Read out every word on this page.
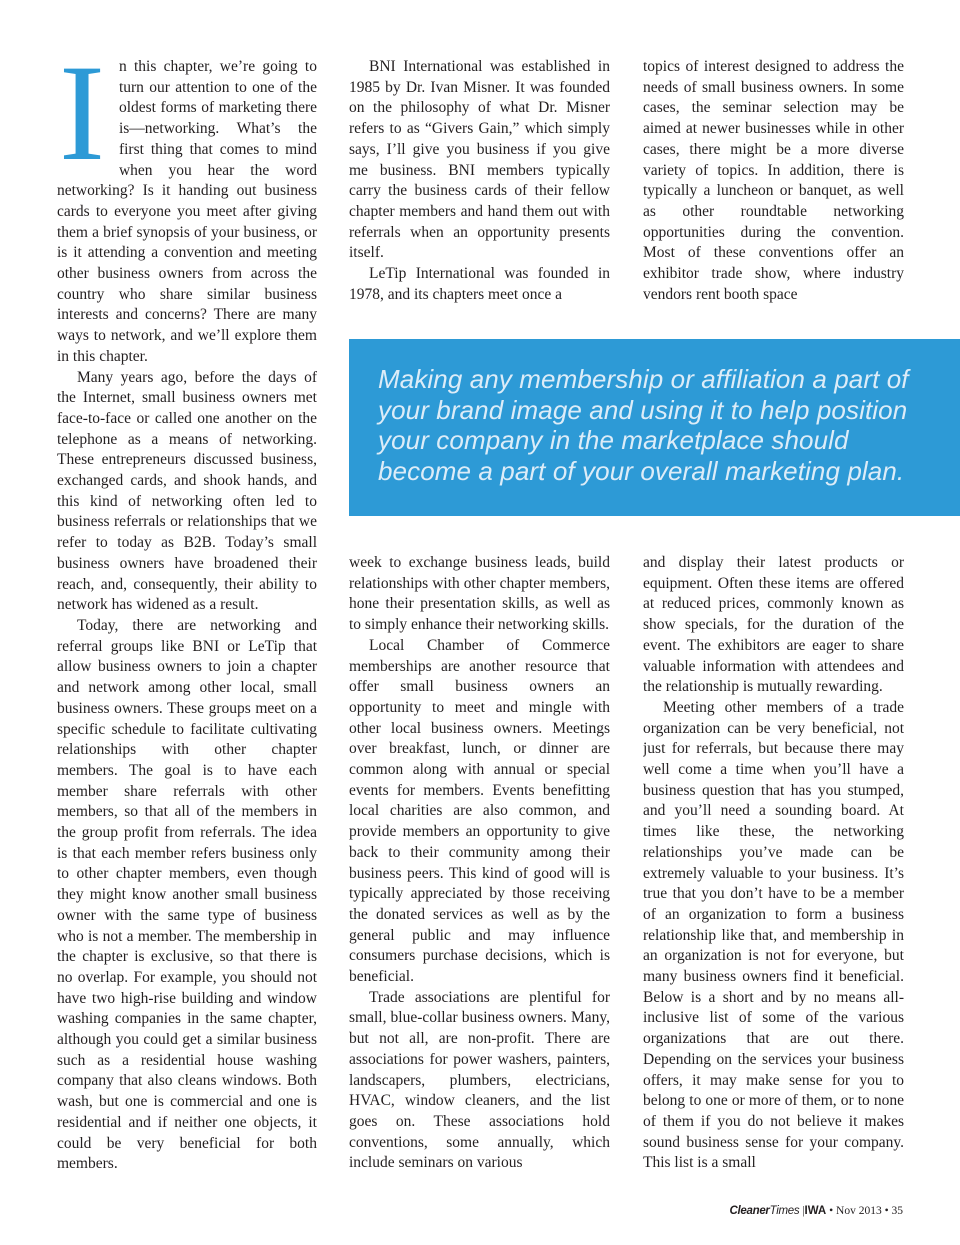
I n this chapter, we’re going to turn our attention to one of the oldest forms of marketing there is—networking. What’s the first thing that comes to mind when you hear the word networking? Is it handing out business cards to everyone you meet after giving them a brief synopsis of your business, or is it attending a convention and meeting other business owners from across the country who share similar business interests and concerns? There are many ways to network, and we’ll explore them in this chapter.

Many years ago, before the days of the Internet, small business owners met face-to-face or called one another on the telephone as a means of networking. These entrepreneurs discussed business, exchanged cards, and shook hands, and this kind of networking often led to business referrals or relationships that we refer to today as B2B. Today’s small business owners have broadened their reach, and, consequently, their ability to network has widened as a result.

Today, there are networking and referral groups like BNI or LeTip that allow business owners to join a chapter and network among other local, small business owners. These groups meet on a specific schedule to facilitate cultivating relationships with other chapter members. The goal is to have each member share referrals with other members, so that all of the members in the group profit from referrals. The idea is that each member refers business only to other chapter members, even though they might know another small business owner with the same type of business who is not a member. The membership in the chapter is exclusive, so that there is no overlap. For example, you should not have two high-rise building and window washing companies in the same chapter, although you could get a similar business such as a residential house washing company that also cleans windows. Both wash, but one is commercial and one is residential and if neither one objects, it could be very beneficial for both members.

BNI International was established in 1985 by Dr. Ivan Misner. It was founded on the philosophy of what Dr. Misner refers to as “Givers Gain,” which simply says, I’ll give you business if you give me business. BNI members typically carry the business cards of their fellow chapter members and hand them out with referrals when an opportunity presents itself.

LeTip International was founded in 1978, and its chapters meet once a

topics of interest designed to address the needs of small business owners. In some cases, the seminar selection may be aimed at newer businesses while in other cases, there might be a more diverse variety of topics. In addition, there is typically a luncheon or banquet, as well as other roundtable networking opportunities during the convention. Most of these conventions offer an exhibitor trade show, where industry vendors rent booth space

Making any membership or affiliation a part of your brand image and using it to help position your company in the marketplace should become a part of your overall marketing plan.

week to exchange business leads, build relationships with other chapter members, hone their presentation skills, as well as to simply enhance their networking skills.

Local Chamber of Commerce memberships are another resource that offer small business owners an opportunity to meet and mingle with other local business owners. Meetings over breakfast, lunch, or dinner are common along with annual or special events for members. Events benefitting local charities are also common, and provide members an opportunity to give back to their community among their business peers. This kind of good will is typically appreciated by those receiving the donated services as well as by the general public and may influence consumers purchase decisions, which is beneficial.

Trade associations are plentiful for small, blue-collar business owners. Many, but not all, are non-profit. There are associations for power washers, painters, landscapers, plumbers, electricians, HVAC, window cleaners, and the list goes on. These associations hold conventions, some annually, which include seminars on various

and display their latest products or equipment. Often these items are offered at reduced prices, commonly known as show specials, for the duration of the event. The exhibitors are eager to share valuable information with attendees and the relationship is mutually rewarding.

Meeting other members of a trade organization can be very beneficial, not just for referrals, but because there may well come a time when you’ll have a business question that has you stumped, and you’ll need a sounding board. At times like these, the networking relationships you’ve made can be extremely valuable to your business. It’s true that you don’t have to be a member of an organization to form a business relationship like that, and membership in an organization is not for everyone, but many business owners find it beneficial. Below is a short and by no means all-inclusive list of some of the various organizations that are out there. Depending on the services your business offers, it may make sense for you to belong to one or more of them, or to none of them if you do not believe it makes sound business sense for your company. This list is a small

CleanerTimes |IWA • Nov 2013 • 35
